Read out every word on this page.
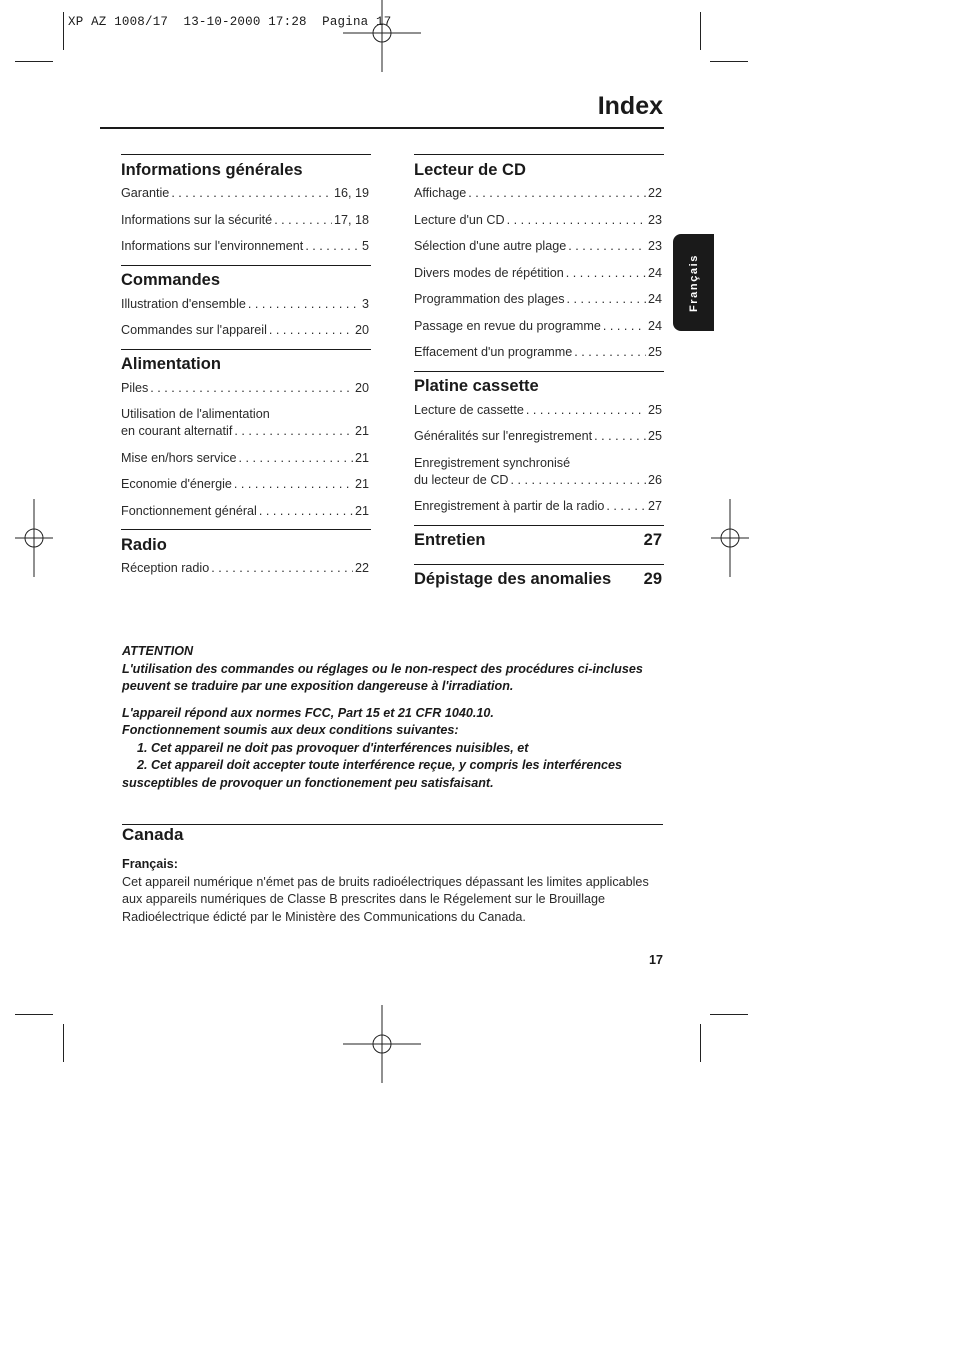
XP AZ 1008/17  13-10-2000 17:28  Pagina 17
Index
Français
Informations générales
Garantie . . .	16, 19
Informations sur la sécurité . . .	17, 18
Informations sur l'environnement . . .	5
Commandes
Illustration d'ensemble . . .	3
Commandes sur l'appareil . . .	20
Alimentation
Piles . . .	20
Utilisation de l'alimentation
en courant alternatif . . .	21
Mise en/hors service . . .	21
Economie d'énergie . . .	21
Fonctionnement général . . .	21
Radio
Réception radio . . .	22
Lecteur de CD
Affichage . . .	22
Lecture d'un CD . . .	23
Sélection d'une autre plage . . .	23
Divers modes de répétition . . .	24
Programmation des plages . . .	24
Passage en revue du programme . . .	24
Effacement d'un programme . . .	25
Platine cassette
Lecture de cassette . . .	25
Généralités sur l'enregistrement . . .	25
Enregistrement synchronisé
du lecteur de CD . . .	26
Enregistrement à partir de la radio . . .	27
Entretien	27
Dépistage des anomalies 29

ATTENTION

L'utilisation des commandes ou réglages ou le non-respect des procédures ci-incluses peuvent se traduire par une exposition dangereuse à l'irradiation.

L'appareil répond aux normes FCC, Part 15 et 21 CFR 1040.10.

Fonctionnement soumis aux deux conditions suivantes:

1. Cet appareil ne doit pas provoquer d'interférences nuisibles, et

2. Cet appareil doit accepter toute interférence reçue, y compris les interférences

susceptibles de provoquer un fonctionement peu satisfaisant.

Canada
Français:
Cet appareil numérique n'émet pas de bruits radioélectriques dépassant les limites applicables aux appareils numériques de Classe B prescrites dans le Régelement sur le Brouillage Radioélectrique édicté par le Ministère des Communications du Canada.
17
